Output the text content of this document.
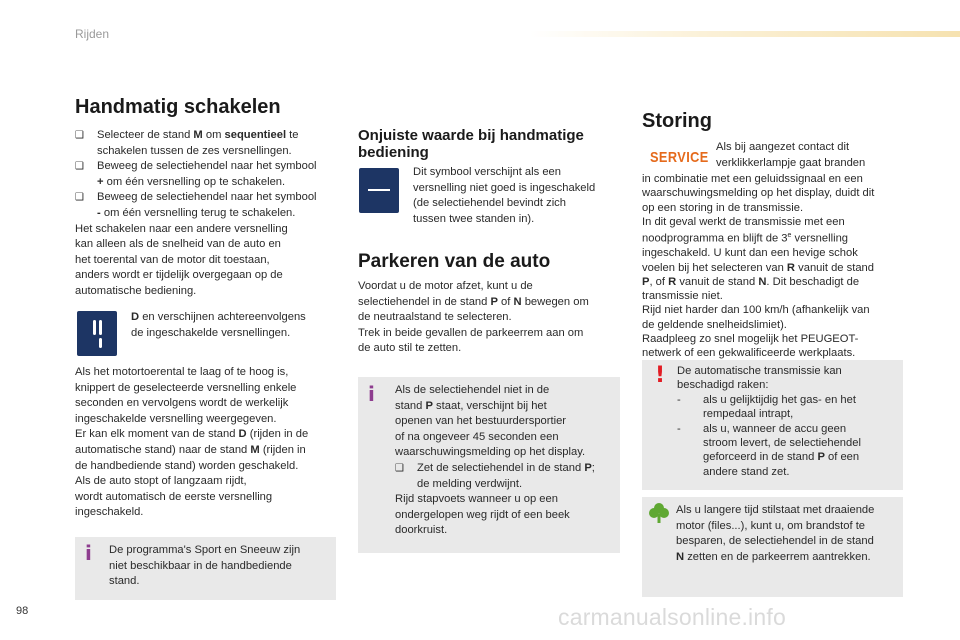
Rijden
Handmatig schakelen

❑ Selecteer de stand M om sequentieel te

schakelen tussen de zes versnellingen.

❑ Beweeg de selectiehendel naar het symbool

+ om één versnelling op te schakelen.

❑ Beweeg de selectiehendel naar het symbool

- om één versnelling terug te schakelen.

Het schakelen naar een andere versnelling

kan alleen als de snelheid van de auto en

het toerental van de motor dit toestaan,

anders wordt er tijdelijk overgegaan op de

automatische bediening.

D en verschijnen achtereenvolgens

de ingeschakelde versnellingen.

Als het motortoerental te laag of te hoog is,

knippert de geselecteerde versnelling enkele

seconden en vervolgens wordt de werkelijk

ingeschakelde versnelling weergegeven.

Er kan elk moment van de stand D (rijden in de

automatische stand) naar de stand M (rijden in

de handbediende stand) worden geschakeld.

Als de auto stopt of langzaam rijdt,

wordt automatisch de eerste versnelling

ingeschakeld.

i De programma's Sport en Sneeuw zijn

niet beschikbaar in de handbediende

stand.

Onjuiste waarde bij handmatige

bediening

Dit symbool verschijnt als een

versnelling niet goed is ingeschakeld

(de selectiehendel bevindt zich

tussen twee standen in).

Parkeren van de auto

Voordat u de motor afzet, kunt u de

selectiehendel in de stand P of N bewegen om

de neutraalstand te selecteren.

Trek in beide gevallen de parkeerrem aan om

de auto stil te zetten.

i Als de selectiehendel niet in de

stand P staat, verschijnt bij het

openen van het bestuurdersportier

of na ongeveer 45 seconden een

waarschuwingsmelding op het display.

❑ Zet de selectiehendel in de stand P;

de melding verdwijnt.

Rijd stapvoets wanneer u op een

ondergelopen weg rijdt of een beek

doorkruist.

Storing
SERVICE

Als bij aangezet contact dit

verklikkerlampje gaat branden

in combinatie met een geluidssignaal en een

waarschuwingsmelding op het display, duidt dit

op een storing in de transmissie.

In dit geval werkt de transmissie met een

noodprogramma en blijft de 3e versnelling

ingeschakeld. U kunt dan een hevige schok

voelen bij het selecteren van R vanuit de stand

P, of R vanuit de stand N. Dit beschadigt de

transmissie niet.

Rijd niet harder dan 100 km/h (afhankelijk van

de geldende snelheidslimiet).

Raadpleeg zo snel mogelijk het PEUGEOT-

netwerk of een gekwalificeerde werkplaats.

! De automatische transmissie kan

beschadigd raken:

- als u gelijktijdig het gas- en het

rempedaal intrapt,

- als u, wanneer de accu geen

stroom levert, de selectiehendel

geforceerd in de stand P of een

andere stand zet.

Als u langere tijd stilstaat met draaiende

motor (files...), kunt u, om brandstof te

besparen, de selectiehendel in de stand

N zetten en de parkeerrem aantrekken.

98	carmanualsonline.info
